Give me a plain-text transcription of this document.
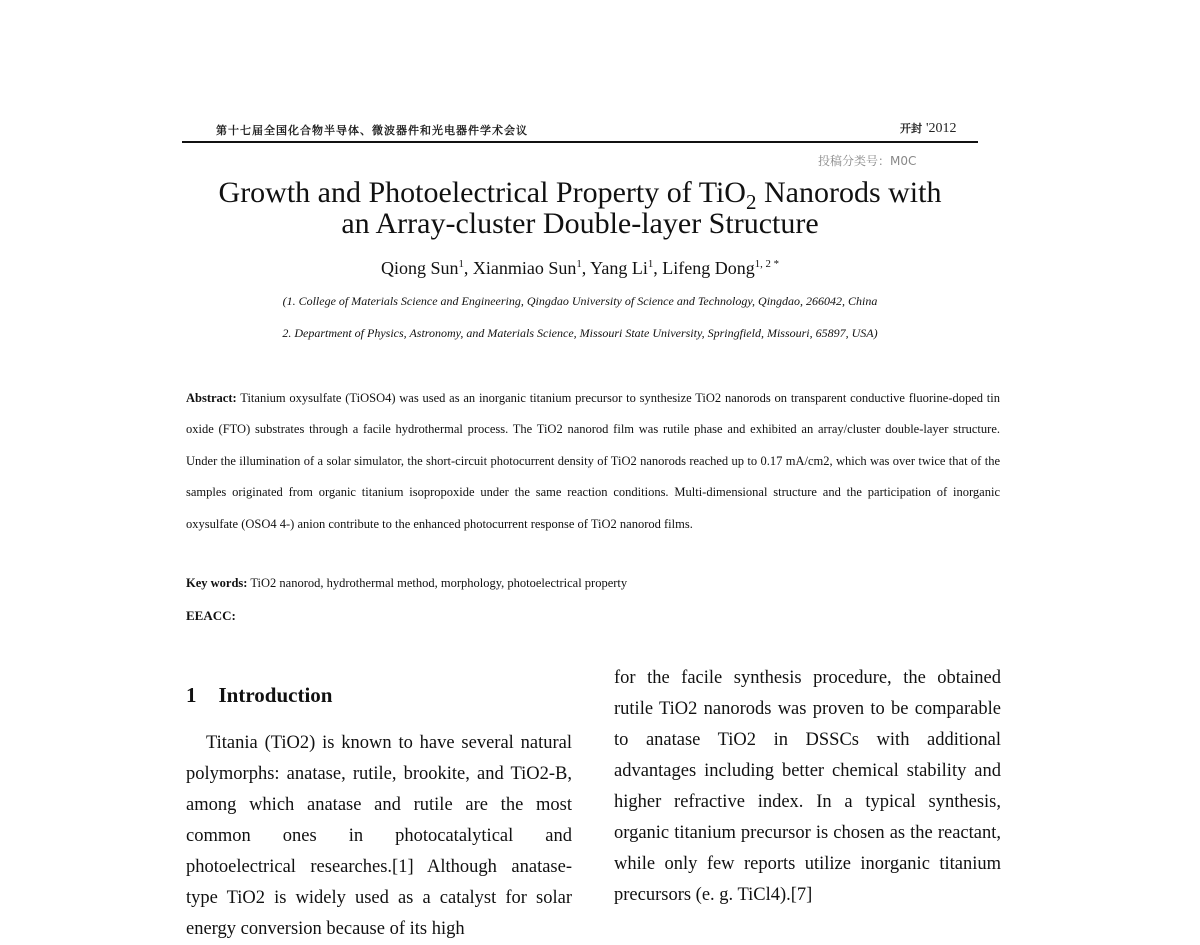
第十七届全国化合物半导体、微波器件和光电器件学术会议	开封 '2012
投稿分类号：M0C
Growth and Photoelectrical Property of TiO$_2$ Nanorods with
an Array-cluster Double-layer Structure
Qiong Sun$^1$, Xianmiao Sun$^1$, Yang Li$^1$, Lifeng Dong$^{1, 2 *}$
(1. College of Materials Science and Engineering, Qingdao University of Science and Technology, Qingdao, 266042, China
2. Department of Physics, Astronomy, and Materials Science, Missouri State University, Springfield, Missouri, 65897, USA)
Abstract: Titanium oxysulfate (TiOSO4) was used as an inorganic titanium precursor to synthesize TiO2 nanorods on transparent conductive fluorine-doped tin oxide (FTO) substrates through a facile hydrothermal process. The TiO2 nanorod film was rutile phase and exhibited an array/cluster double-layer structure. Under the illumination of a solar simulator, the short-circuit photocurrent density of TiO2 nanorods reached up to 0.17 mA/cm2, which was over twice that of the samples originated from organic titanium isopropoxide under the same reaction conditions. Multi-dimensional structure and the participation of inorganic oxysulfate (OSO4 4-) anion contribute to the enhanced photocurrent response of TiO2 nanorod films.
Key words: TiO2 nanorod, hydrothermal method, morphology, photoelectrical property
EEACC:
1 Introduction
Titania (TiO2) is known to have several natural polymorphs: anatase, rutile, brookite, and TiO2-B, among which anatase and rutile are the most common ones in photocatalytical and photoelectrical researches.[1] Although anatase-type TiO2 is widely used as a catalyst for solar energy conversion because of its high
for the facile synthesis procedure, the obtained rutile TiO2 nanorods was proven to be comparable to anatase TiO2 in DSSCs with additional advantages including better chemical stability and higher refractive index. In a typical synthesis, organic titanium precursor is chosen as the reactant, while only few reports utilize inorganic titanium precursors (e. g. TiCl4).[7]
